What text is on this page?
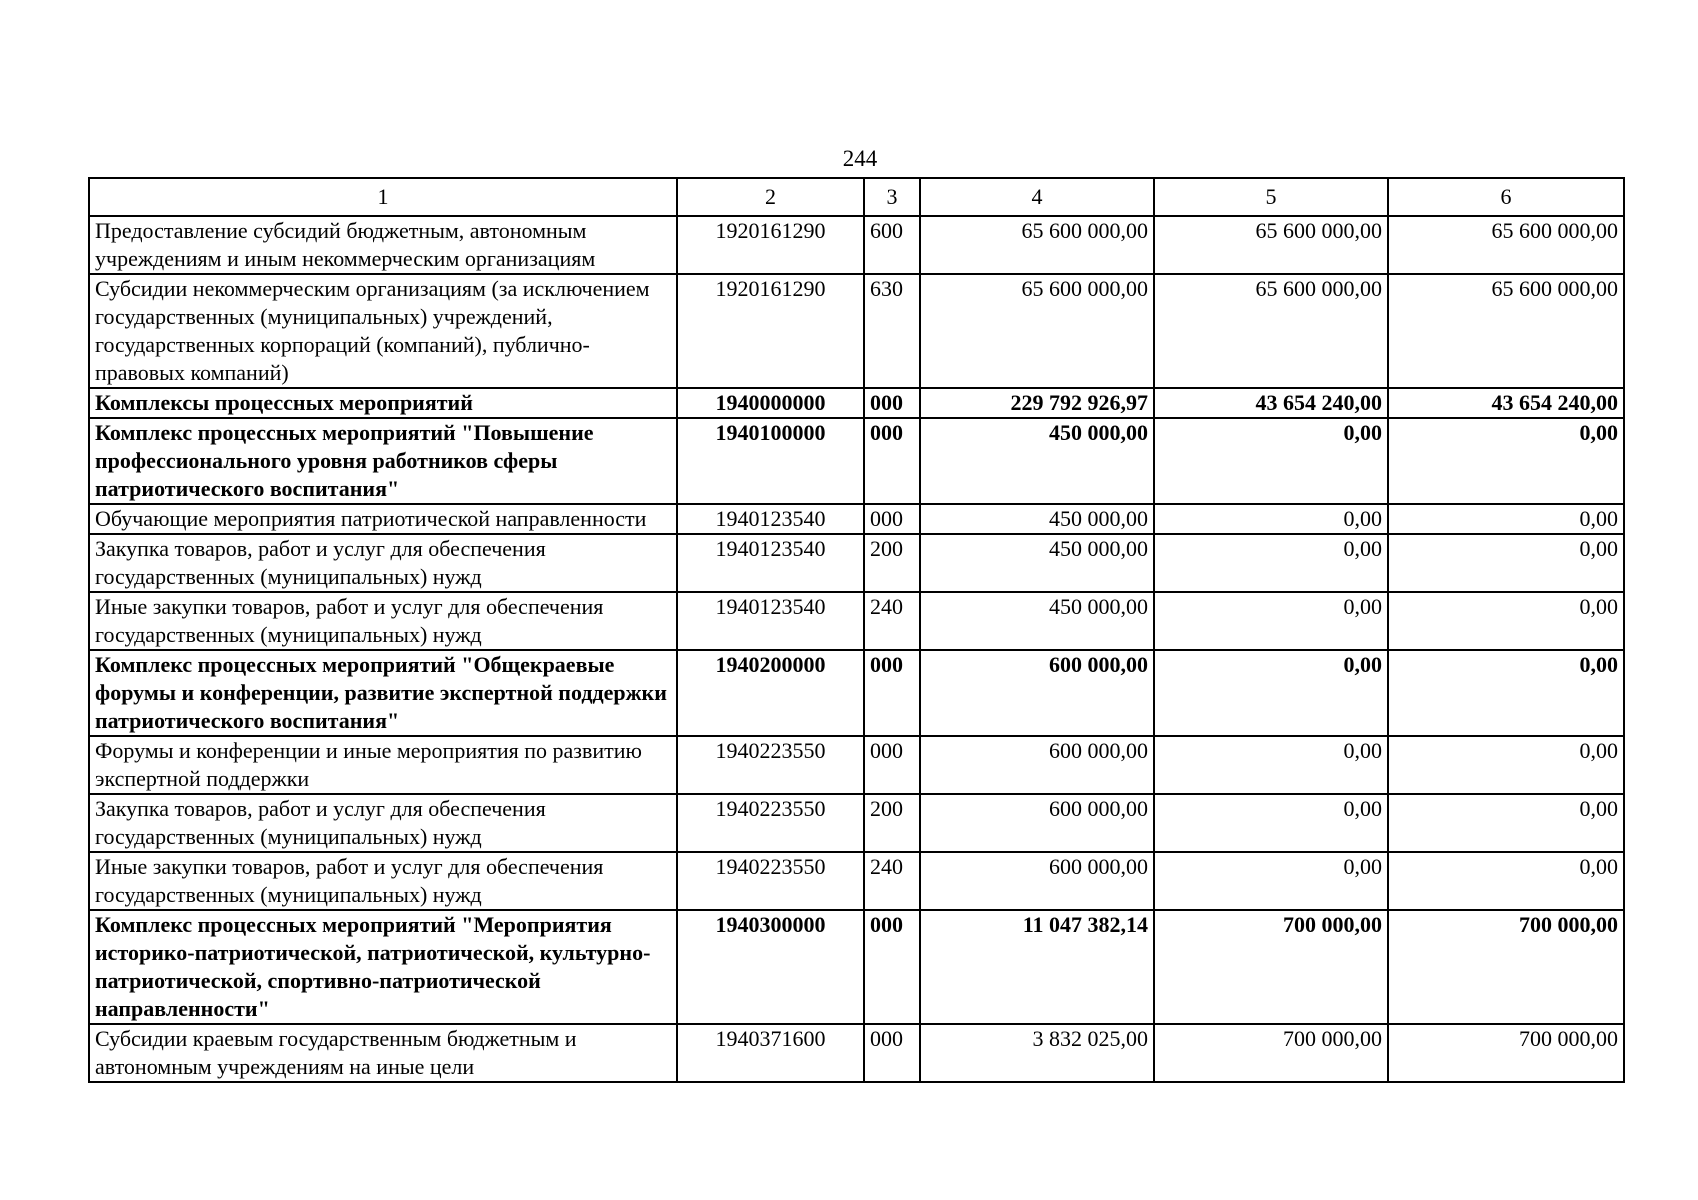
244
1	2	3	4	5	6
Предоставление субсидий бюджетным, автономным учреждениям и иным некоммерческим организациям	1920161290	600	65 600 000,00	65 600 000,00	65 600 000,00
Субсидии некоммерческим организациям (за исключением государственных (муниципальных) учреждений, государственных корпораций (компаний), публично-правовых компаний)	1920161290	630	65 600 000,00	65 600 000,00	65 600 000,00
Комплексы процессных мероприятий	1940000000	000	229 792 926,97	43 654 240,00	43 654 240,00
Комплекс процессных мероприятий "Повышение профессионального уровня работников сферы патриотического воспитания"	1940100000	000	450 000,00	0,00	0,00
Обучающие мероприятия патриотической направленности	1940123540	000	450 000,00	0,00	0,00
Закупка товаров, работ и услуг для обеспечения государственных (муниципальных) нужд	1940123540	200	450 000,00	0,00	0,00
Иные закупки товаров, работ и услуг для обеспечения государственных (муниципальных) нужд	1940123540	240	450 000,00	0,00	0,00
Комплекс процессных мероприятий "Общекраевые форумы и конференции, развитие экспертной поддержки патриотического воспитания"	1940200000	000	600 000,00	0,00	0,00
Форумы и конференции и иные мероприятия по развитию экспертной поддержки	1940223550	000	600 000,00	0,00	0,00
Закупка товаров, работ и услуг для обеспечения государственных (муниципальных) нужд	1940223550	200	600 000,00	0,00	0,00
Иные закупки товаров, работ и услуг для обеспечения государственных (муниципальных) нужд	1940223550	240	600 000,00	0,00	0,00
Комплекс процессных мероприятий "Мероприятия историко-патриотической, патриотической, культурно-патриотической, спортивно-патриотической направленности"	1940300000	000	11 047 382,14	700 000,00	700 000,00
Субсидии краевым государственным бюджетным и автономным учреждениям на иные цели	1940371600	000	3 832 025,00	700 000,00	700 000,00
